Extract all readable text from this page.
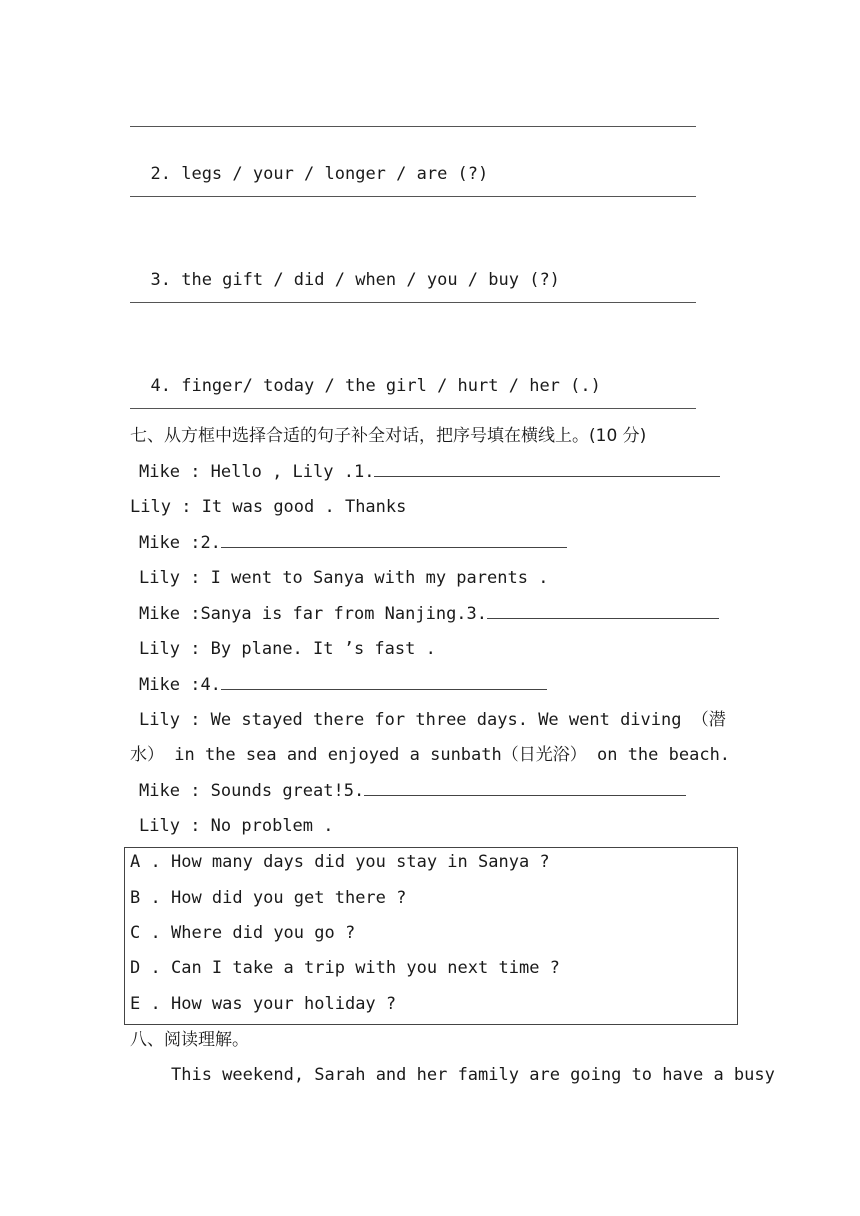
2. legs / your / longer / are (?)

3. the gift / did / when / you / buy (?)

4. finger/ today / the girl / hurt / her (.)

七、从方框中选择合适的句子补全对话，把序号填在横线上。(10 分)
Mike : Hello , Lily .1.
Lily : It was good . Thanks
Mike :2.
Lily : I went to Sanya with my parents .
Mike :Sanya is far from Nanjing.3.
Lily : By plane. It ’s fast .
Mike :4.
Lily : We stayed there for three days. We went diving （潜
水） in the sea and enjoyed a sunbath（日光浴） on the beach.
Mike : Sounds great!5.
Lily : No problem .
A . How many days did you stay in Sanya ?
B . How did you get there ?
C . Where did you go ?
D . Can I take a trip with you next time ?
E . How was your holiday ?
八、阅读理解。
This weekend, Sarah and her family are going to have a busy
